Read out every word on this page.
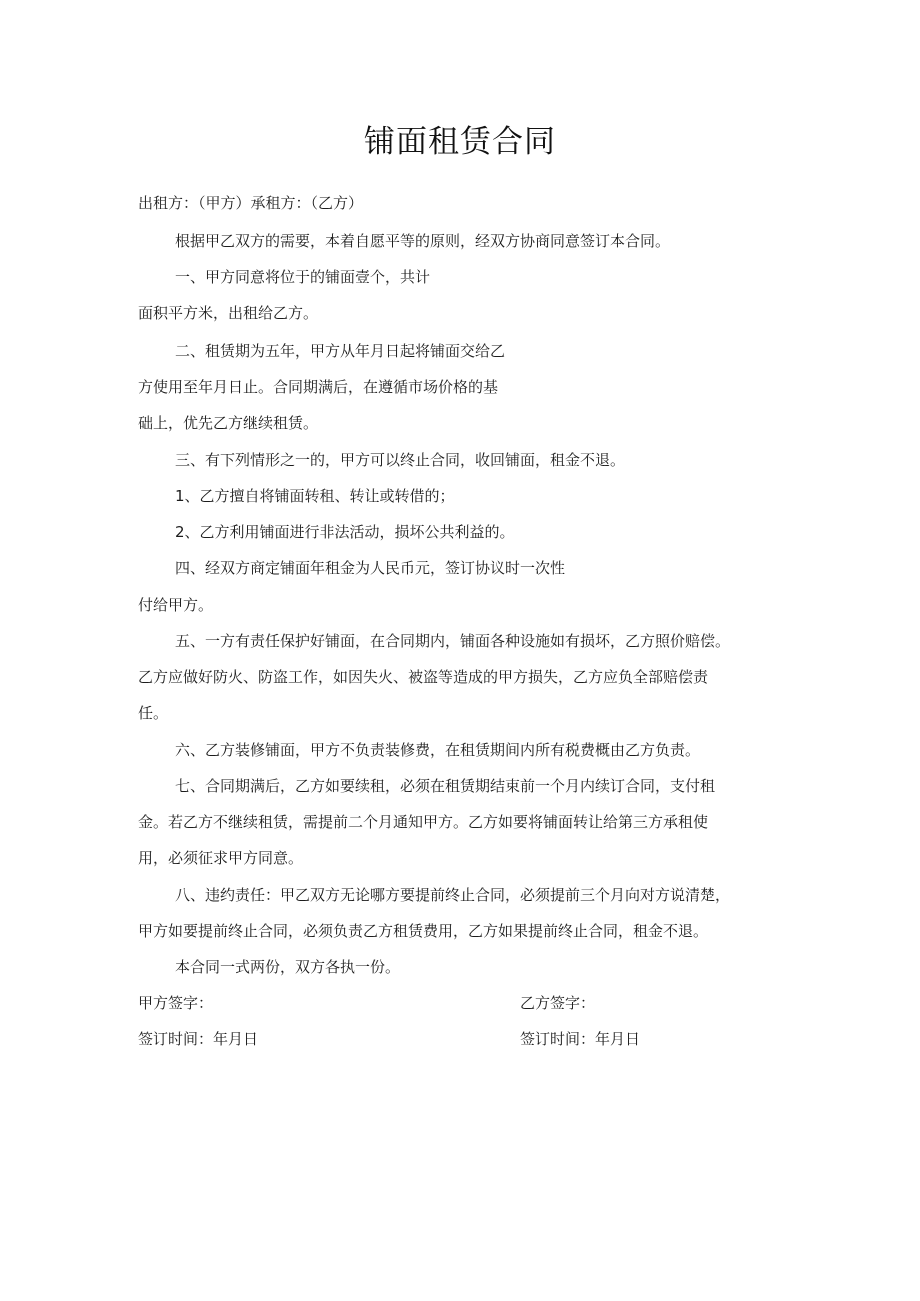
铺面租赁合同
出租方：（甲方）承租方：（乙方）
根据甲乙双方的需要，本着自愿平等的原则，经双方协商同意签订本合同。
一、甲方同意将位于的铺面壹个，共计
面积平方米，出租给乙方。
二、租赁期为五年，甲方从年月日起将铺面交给乙
方使用至年月日止。合同期满后，在遵循市场价格的基
础上，优先乙方继续租赁。
三、有下列情形之一的，甲方可以终止合同，收回铺面，租金不退。
1、乙方擅自将铺面转租、转让或转借的；
2、乙方利用铺面进行非法活动，损坏公共利益的。
四、经双方商定铺面年租金为人民币元，签订协议时一次性
付给甲方。
五、一方有责任保护好铺面，在合同期内，铺面各种设施如有损坏，乙方照价赔偿。
乙方应做好防火、防盗工作，如因失火、被盗等造成的甲方损失，乙方应负全部赔偿责
任。
六、乙方装修铺面，甲方不负责装修费，在租赁期间内所有税费概由乙方负责。
七、合同期满后，乙方如要续租，必须在租赁期结束前一个月内续订合同，支付租
金。若乙方不继续租赁，需提前二个月通知甲方。乙方如要将铺面转让给第三方承租使
用，必须征求甲方同意。
八、违约责任：甲乙双方无论哪方要提前终止合同，必须提前三个月向对方说清楚，
甲方如要提前终止合同，必须负责乙方租赁费用，乙方如果提前终止合同，租金不退。
本合同一式两份，双方各执一份。
甲方签字：	乙方签字：
签订时间：年月日	签订时间：年月日
